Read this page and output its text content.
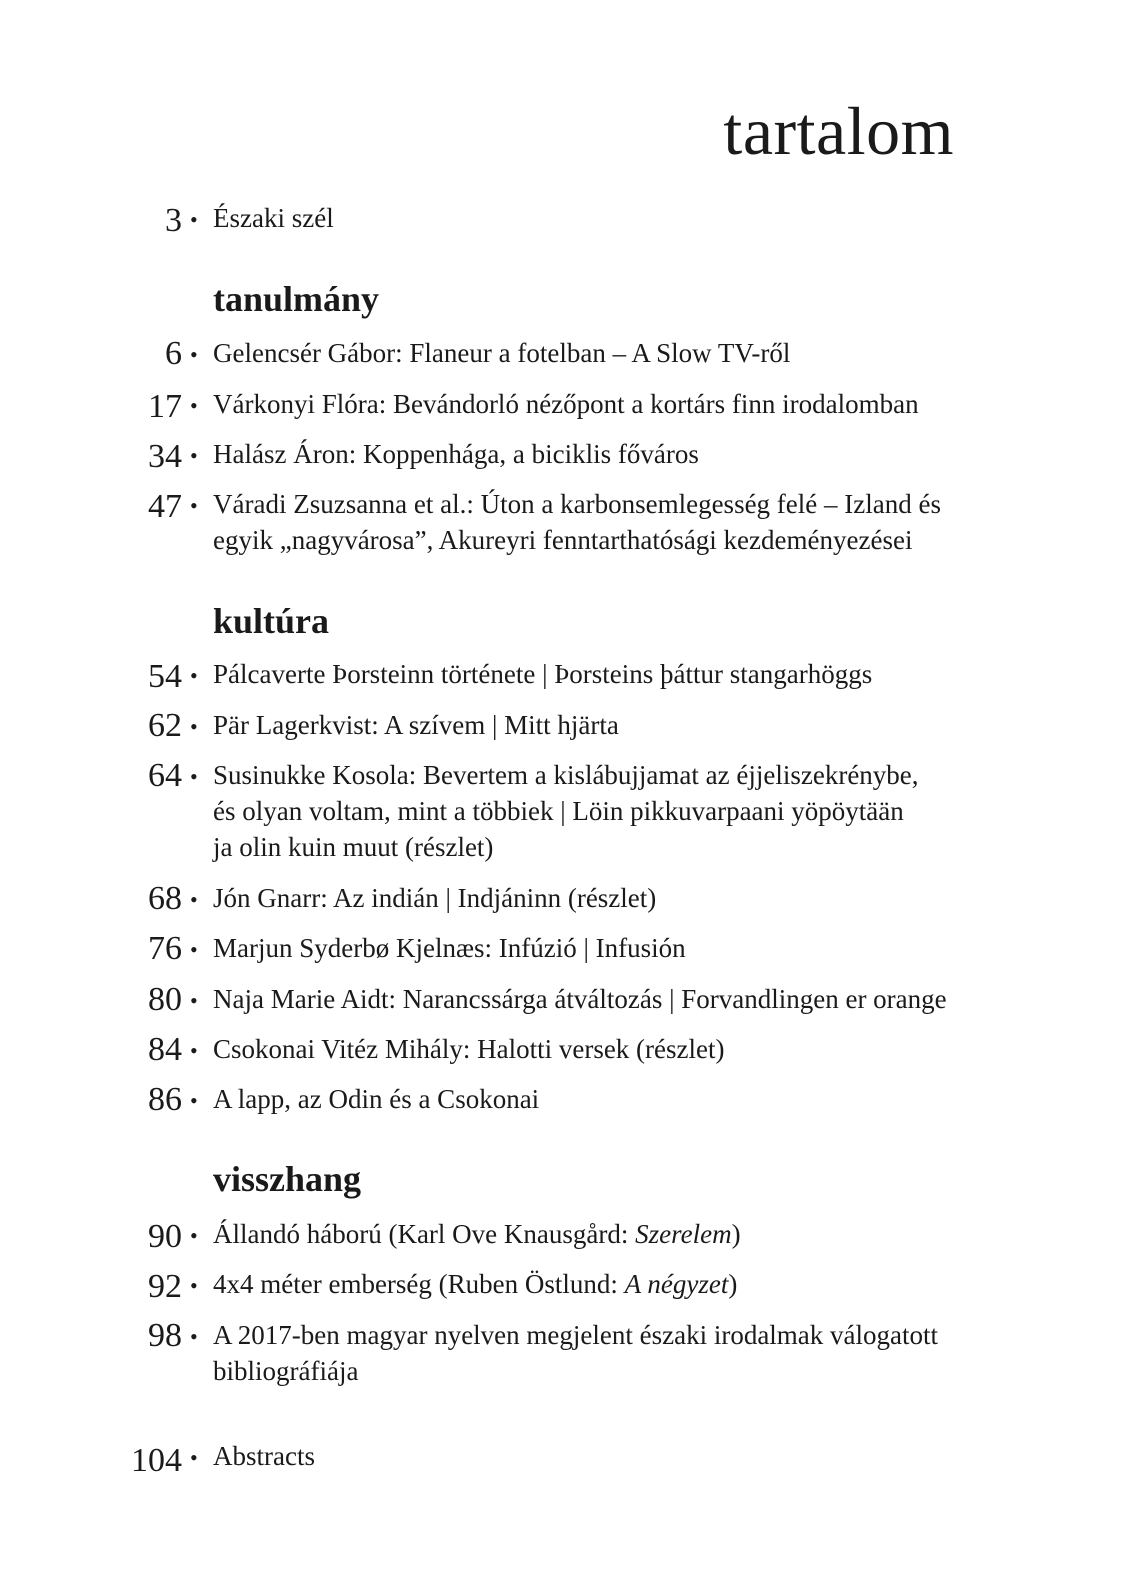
tartalom
3 • Északi szél
tanulmány
6 • Gelencsér Gábor: Flaneur a fotelban – A Slow TV-ről
17 • Várkonyi Flóra: Bevándorló nézőpont a kortárs finn irodalomban
34 • Halász Áron: Koppenhága, a biciklis főváros
47 • Váradi Zsuzsanna et al.: Úton a karbonsemlegesség felé – Izland és
egyik „nagyvárosa”, Akureyri fenntarthatósági kezdeményezései
kultúra
54 • Pálcaverte Þorsteinn története | Þorsteins þáttur stangarhöggs
62 • Pär Lagerkvist: A szívem | Mitt hjärta
64 • Susinukke Kosola: Bevertem a kislábujjamat az éjjeliszekrénybe,
és olyan voltam, mint a többiek | Löin pikkuvarpaani yöpöytään
ja olin kuin muut (részlet)
68 • Jón Gnarr: Az indián | Indjáninn (részlet)
76 • Marjun Syderbø Kjelnæs: Infúzió | Infusión
80 • Naja Marie Aidt: Narancssárga átváltozás | Forvandlingen er orange
84 • Csokonai Vitéz Mihály: Halotti versek (részlet)
86 • A lapp, az Odin és a Csokonai
visszhang
90 • Állandó háború (Karl Ove Knausgård: Szerelem)
92 • 4x4 méter emberség (Ruben Östlund: A négyzet)
98 • A 2017-ben magyar nyelven megjelent északi irodalmak válogatott
bibliográfiája
104 • Abstracts
